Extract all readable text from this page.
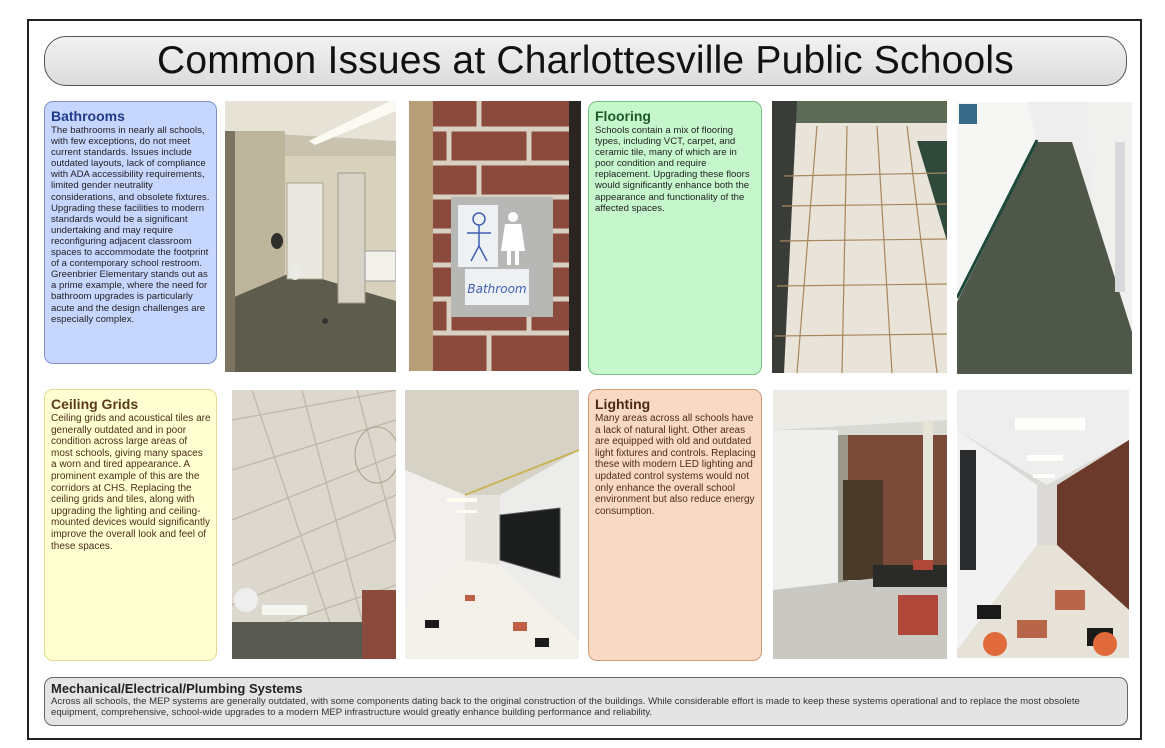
Common Issues at Charlottesville Public Schools
Bathrooms

The bathrooms in nearly all schools, with few exceptions, do not meet current standards. Issues include outdated layouts, lack of compliance with ADA accessibility requirements, limited gender neutrality considerations, and obsolete fixtures. Upgrading these facilities to modern standards would be a significant undertaking and may require reconfiguring adjacent classroom spaces to accommodate the footprint of a contemporary school restroom.

Greenbrier Elementary stands out as a prime example, where the need for bathroom upgrades is particularly acute and the design challenges are especially complex.

Bathroom
Flooring

Schools contain a mix of flooring types, including VCT, carpet, and ceramic tile, many of which are in poor condition and require replacement. Upgrading these floors would significantly enhance both the appearance and functionality of the affected spaces.

Ceiling Grids

Ceiling grids and acoustical tiles are generally outdated and in poor condition across large areas of most schools, giving many spaces a worn and tired appearance. A prominent example of this are the corridors at CHS. Replacing the ceiling grids and tiles, along with upgrading the lighting and ceiling-mounted devices would significantly improve the overall look and feel of these spaces.

Lighting

Many areas across all schools have a lack of natural light. Other areas are equipped with old and outdated light fixtures and controls. Replacing these with modern LED lighting and updated control systems would not only enhance the overall school environment but also reduce energy consumption.

Mechanical/Electrical/Plumbing Systems

Across all schools, the MEP systems are generally outdated, with some components dating back to the original construction of the buildings. While considerable effort is made to keep these systems operational and to replace the most obsolete equipment, comprehensive, school-wide upgrades to a modern MEP infrastructure would greatly enhance building performance and reliability.
